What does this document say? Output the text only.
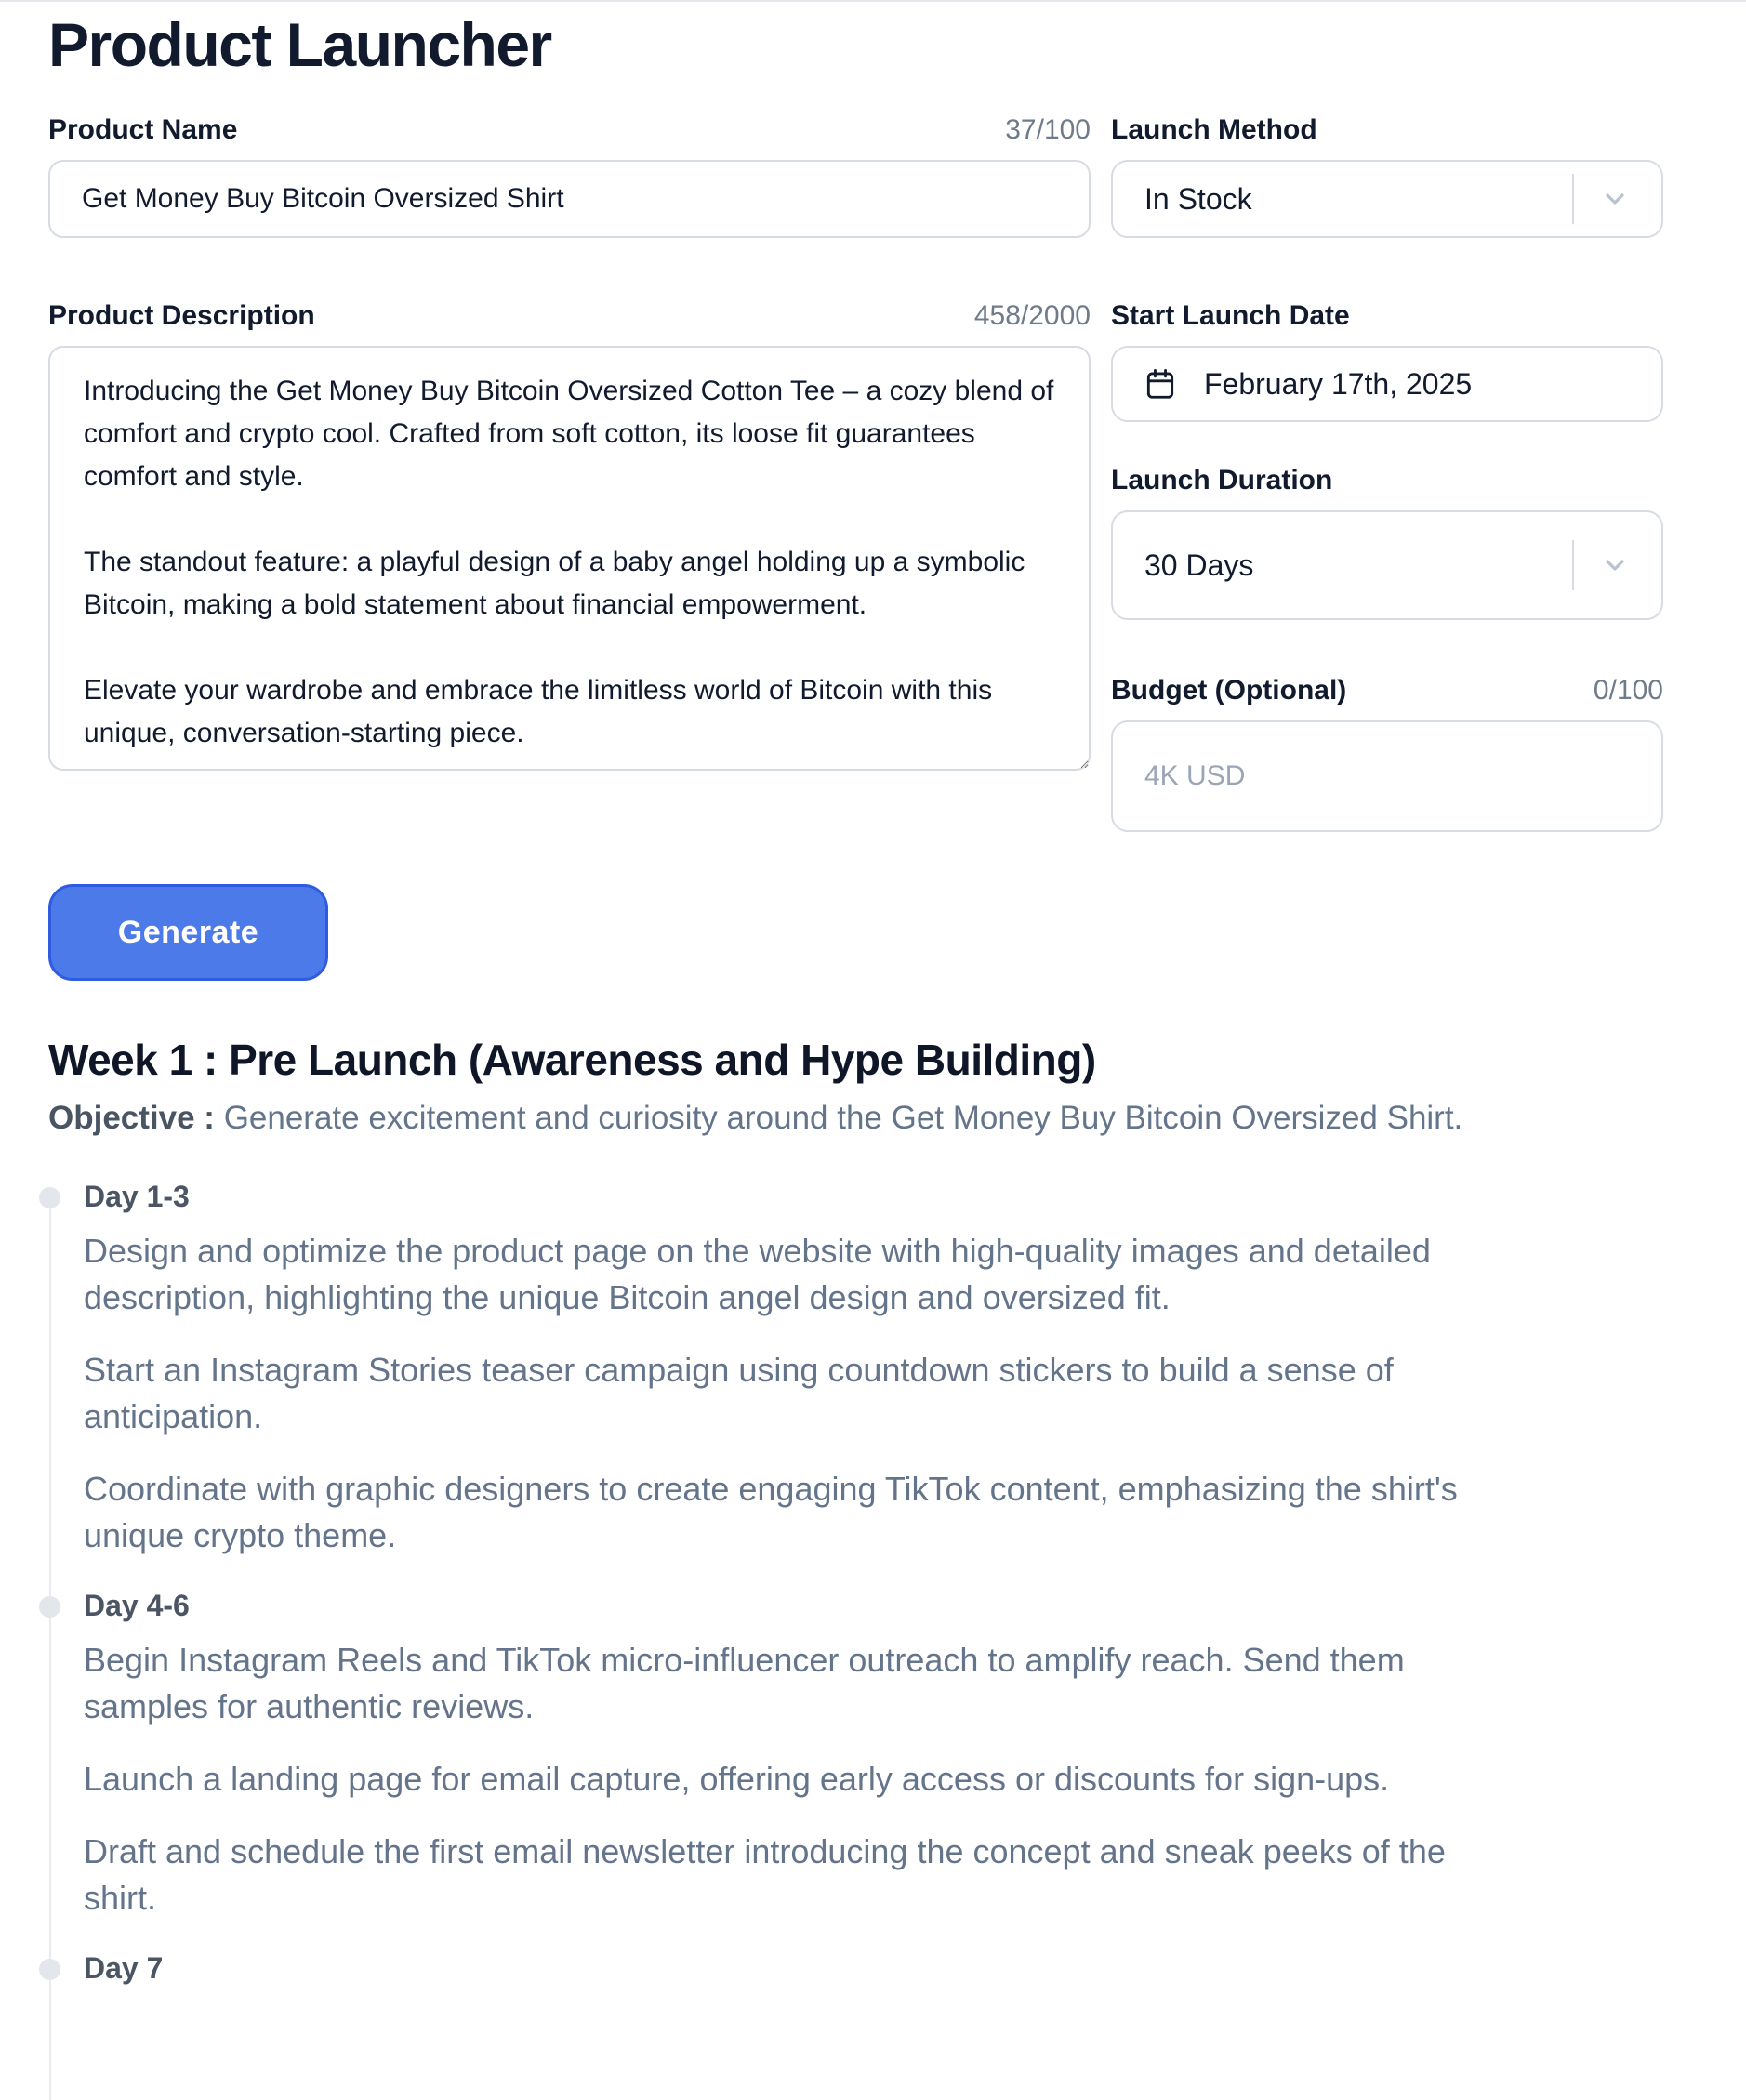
Product Launcher
Product Name	37/100
Get Money Buy Bitcoin Oversized Shirt
Product Description	458/2000
Introducing the Get Money Buy Bitcoin Oversized Cotton Tee – a cozy blend of comfort and crypto cool. Crafted from soft cotton, its loose fit guarantees comfort and style. The standout feature: a playful design of a baby angel holding up a symbolic Bitcoin, making a bold statement about financial empowerment. Elevate your wardrobe and embrace the limitless world of Bitcoin with this unique, conversation-starting piece. 100% Cotton
Launch Method
In Stock
Start Launch Date
February 17th, 2025
Launch Duration
30 Days
Budget (Optional)	0/100
4K USD
Generate
Week 1 : Pre Launch (Awareness and Hype Building)

Objective : Generate excitement and curiosity around the Get Money Buy Bitcoin Oversized Shirt.

Day 1-3

Design and optimize the product page on the website with high-quality images and detailed description, highlighting the unique Bitcoin angel design and oversized fit.

Start an Instagram Stories teaser campaign using countdown stickers to build a sense of anticipation.

Coordinate with graphic designers to create engaging TikTok content, emphasizing the shirt's unique crypto theme.

Day 4-6

Begin Instagram Reels and TikTok micro-influencer outreach to amplify reach. Send them samples for authentic reviews.

Launch a landing page for email capture, offering early access or discounts for sign-ups.

Draft and schedule the first email newsletter introducing the concept and sneak peeks of the shirt.

Day 7
